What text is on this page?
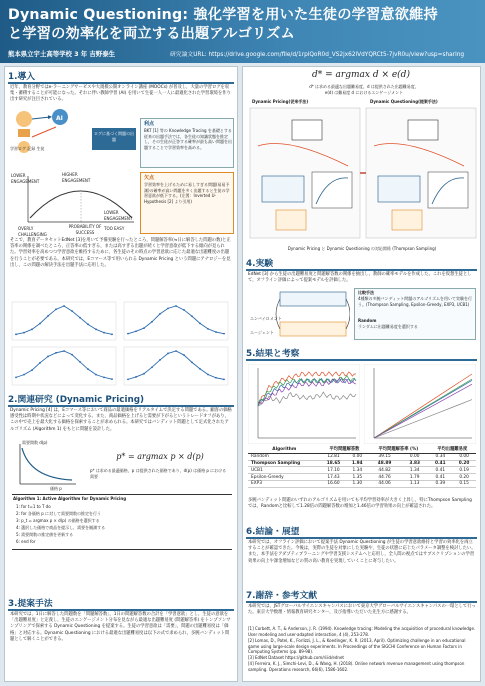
Dynamic Questioning: 強化学習を用いた生徒の学習意欲維持
と学習の効率化を両立する出題アルゴリズム
熊本県立宇土高等学校 3 年 吉野泰生	研究論文URL: https://drive.google.com/file/d/1rplQoR0d_VS2jx62lVdYQRCt5-7jvR0u/view?usp=sharing
1.導入
近年，教育分野ではe-ラーニングサービスや大規模公開オンライン講座 (MOOCs) が普及し，大量の学習ログを収集・蓄積することが可能になった。それに伴い教師学習 (AI) を用いて生徒一人一人に最適化された学習環境を作り出す研究が注目されている。
AI
学習ログ 記録 生徒
ログに基づく問題の出題
利点
BKT [1] 等の Knowledge Tracing を基礎とする従来の出題手法では，各生徒の知識状態を推定し，その生徒が正答する確率が最も高い問題を出題することで学習効率を高める。
LOWER ENGAGEMENT
HIGHER ENGAGEMENT
LOWER ENGAGEMENT
PROBABILITY OF SUCCESS
OVERLY CHALLENGING
TOO EASY
欠点
学習効率を上げるために易しすぎる問題(易易予測)の確率が高い問題を多く出題すると生徒の学習意欲が低下する。(左図：Inverted U-Hypothesis [2] より引用)
そこで，教育データセットEdNet [3]を用いて予備実験を行ったところ，問題解答率(≒日に解答した問題の数)と正答率の関係を調べたところ，正答率の低すぎる，または高すぎる出題が続くと学習意欲が低下する傾向が見られた。学習効率を高めつつ学習意欲を維持するために，各生徒のその時点の学習意欲に応じた最適な出題難度の出題を行うことが必要である。本研究では，Eコマース等で用いられる Dynamic Pricing という問題にアナロジーを見出し，この問題の解決手法を出題手法に応用した。
2.関連研究 (Dynamic Pricing)
Dynamic Pricing [4] は，Eコマース等において商品の最適価格をリアルタイムで決定する問題である。顧客の価格感受性は時期や状況などによって変化する。また，商品価格を上げると需要が下がるというトレードオフがあり，この中で売上を最大化する価格を探索することが求められる。本研究ではバンディット問題として定式化されたアルゴリズム (Algorithm 1) をもとに問題を設計した。
需要関数 d(p)
価格 p
p* = argmax p × d(p)
p* は求める最適価格，p は提供された価格であり，d(p) は価格 p における需要
Algorithm 1: Active Algorithm for Dynamic Pricing
1: for t=1 to T do
2: for 各価格 p に対して需要関数の推定を行う
3: p_t = argmax p × d(p) の価格を選択する
4: 選択した価格で商品を提示し，需要を観測する
5: 需要関数の推定値を更新する
6: end for
3.提案手法
本研究では，1日に解答した問題数を「問題解答数」，1日の問題解答数の合計を「学習意欲」とし，生徒の意欲を「出題難易度」と定義し，生徒のエンゲージメント分布を見ながら最適な出題難易度 (問題解答率) をトンプソンサンプリングで探索する Dynamic Questioning を提案する。生徒の学習意欲は「需要」，問題の出題難易度は「価格」と対応する。Dynamic Questioning における最適な出題難易度は以下の式で求められ，多腕バンディット問題として解くことができる。
d* = argmax d × e(d)
d* は求める最適な出題難易度，d は提供された出題難易度，
e(d) は難易度 d におけるエンゲージメント
Dynamic Pricing(従来手法)	Dynamic Questioning(提案手法)
Dynamic Pricing と Dynamic Questioning の対応関係 (Thompson Sampling)
4.実験
EdNet [3] から生徒の出題難易度と問題解答数の関係を抽出し，教師の確率モデルを作成した。これを仮想生徒として，オフライン評価によって提案モデルを評価した。
エンバイロメント
エージェント
比較手法
4種類の多腕バンディット問題のアルゴリズムを用いて実験を行う。(Thompson Sampling, Epsilon-Greedy, EXP3, UCB1)
Random
ランダムに出題難易度を選択する
5.結果と考察
Algorithm	平均問題解答数		平均問題解答率 (%)		平均出題難易度	
Random	12.81	0.00	39.15	0.00	0.34	0.00
Thompson Sampling	18.65	1.94	48.89	3.83	0.41	0.20
UCB1	17.10	1.34	44.82	1.34	0.41	0.19
Epsilon-Greedy	17.43	1.35	44.76	1.79	0.41	0.20
EXP3	16.60	1.30	44.06	1.13	0.39	0.15
多腕バンディット問題のいずれのアルゴリズムを用いても平均学習効率が大きく上昇し，特にThompson Samplingでは，Randomと比較して1.28倍の問題解答数の増加と1.46倍の学習効果の向上が確認された。
6.結論・展望
本研究では，オフライン評価において提案手法 Dynamic Questioning が生徒の学習意欲維持と学習の効率化を両立することが確認できた。今後は，実際の生徒を対象にした実験や，生徒の状態に応じたパラメータ調整を検討したい。また，本手法をアダプティブラーニングや学習支援システムへと応用し，全人間の視点ではサブスクリプションの学習効果の向上や課金増加などの質の高い教育を実現していくことに寄与したい。
7.謝辞・参考文献
本研究では，JSTグローバルサイエンスキャンパスにおいて東京大学グローバルサイエンスキャンパスの一環として行った。東京大学数理・情報教育研究センター，及び指導いただいた先生方に感謝する。
[1] Corbett, A. T., & Anderson, J. R. (1994). Knowledge tracing: Modeling the acquisition of procedural knowledge. User modeling and user-adapted interaction, 4 (4), 253-278.
[2] Lomas, D., Patel, K., Forlizzi, J. L., & Koedinger, K. R. (2013, April). Optimizing challenge in an educational game using large-scale design experiments. In Proceedings of the SIGCHI Conference on Human Factors in Computing Systems (pp. 89-98).
[3] EdNet Dataset https://github.com/riiid/ednet
[4] Ferreira, K. J., Simchi-Levi, D., & Wang, H. (2018). Online network revenue management using thompson sampling. Operations research, 66(6), 1586-1602.
